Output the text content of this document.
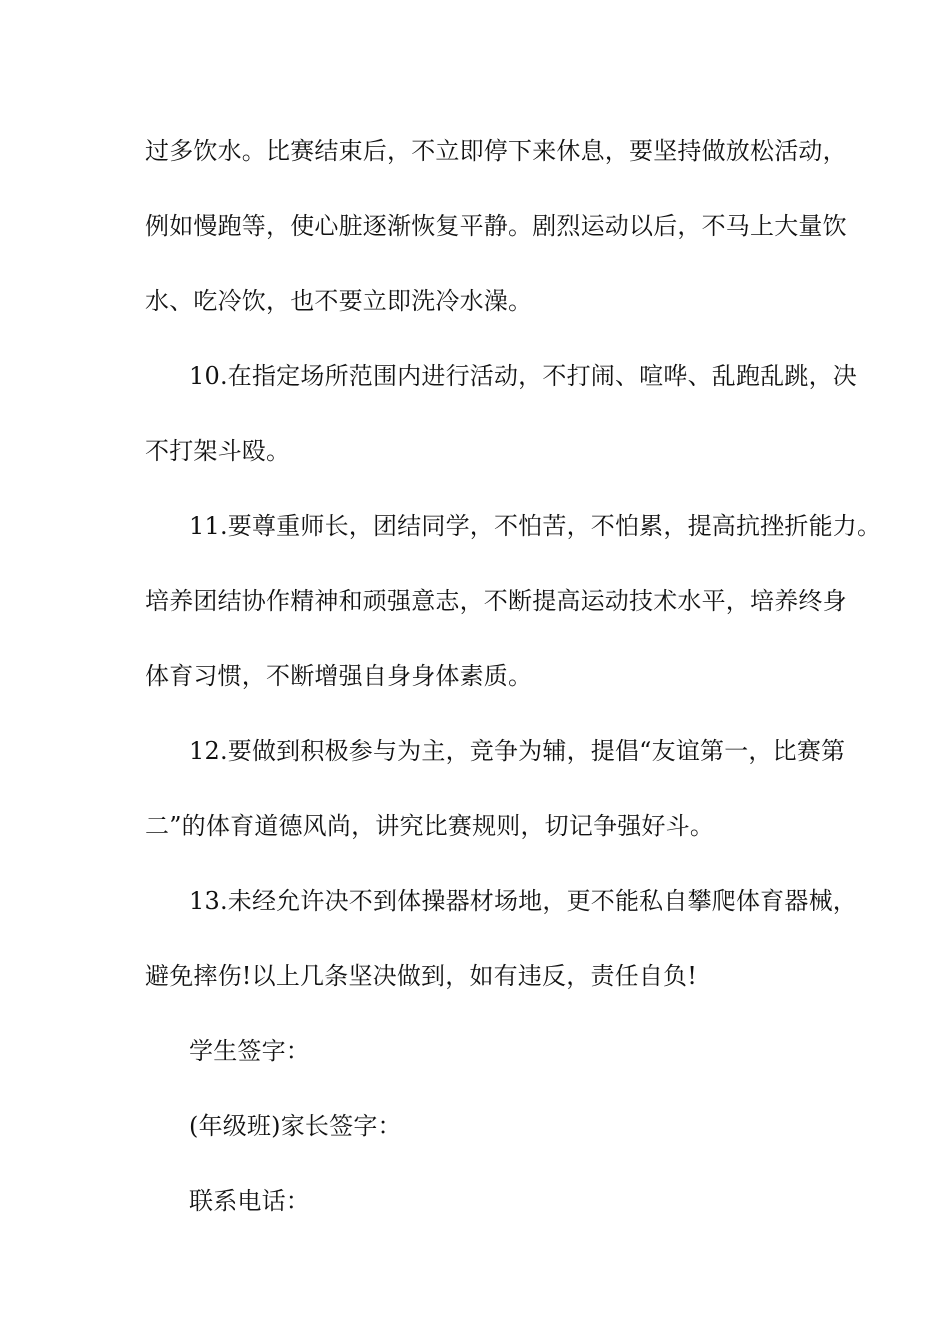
过多饮水。比赛结束后，不立即停下来休息，要坚持做放松活动，
例如慢跑等，使心脏逐渐恢复平静。剧烈运动以后，不马上大量饮
水、吃冷饮，也不要立即洗冷水澡。
10.在指定场所范围内进行活动，不打闹、喧哗、乱跑乱跳，决
不打架斗殴。
11.要尊重师长，团结同学，不怕苦，不怕累，提高抗挫折能力。
培养团结协作精神和顽强意志，不断提高运动技术水平，培养终身
体育习惯，不断增强自身身体素质。
12.要做到积极参与为主，竞争为辅，提倡“友谊第一，比赛第
二”的体育道德风尚，讲究比赛规则，切记争强好斗。
13.未经允许决不到体操器材场地，更不能私自攀爬体育器械，
避免摔伤!以上几条坚决做到，如有违反，责任自负!
学生签字：
(年级班)家长签字：
联系电话：
